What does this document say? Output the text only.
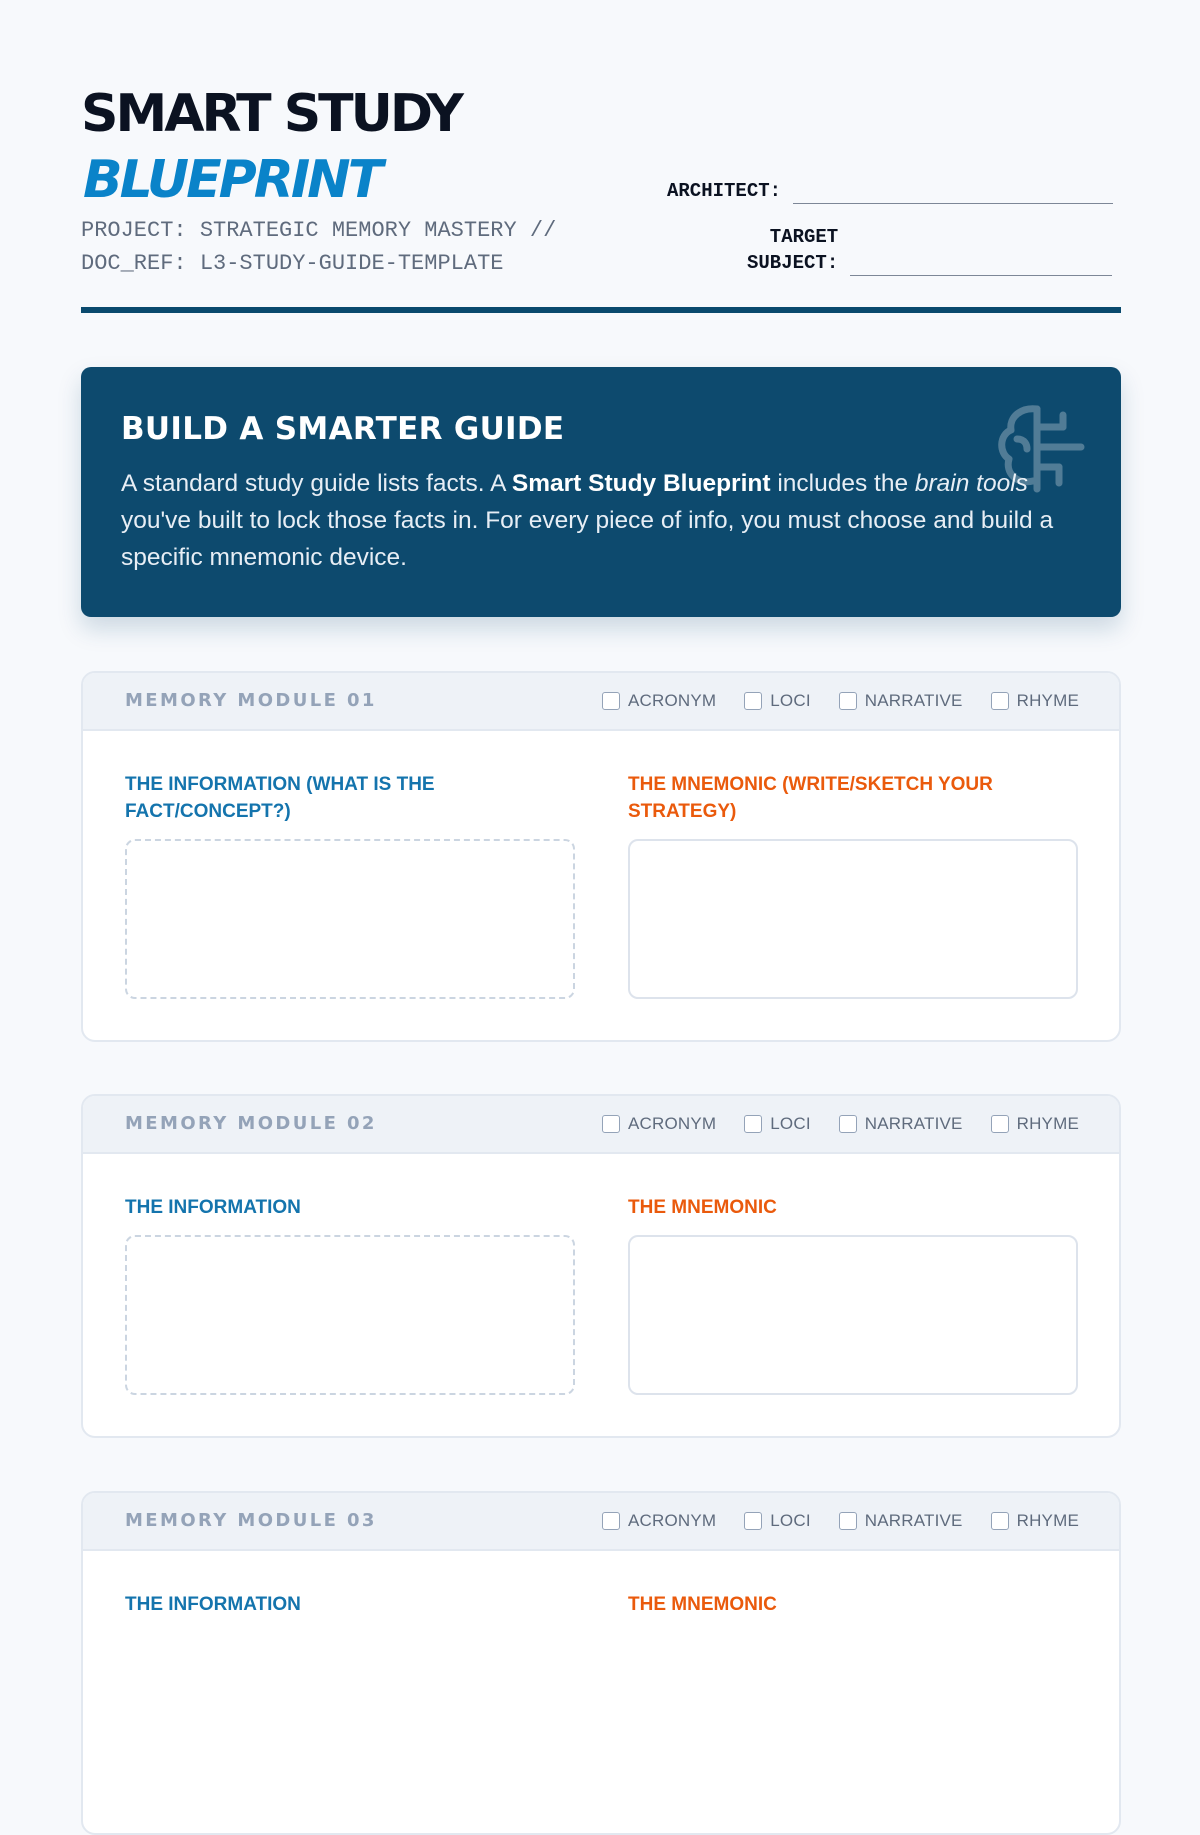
SMART STUDY
BLUEPRINT
PROJECT: STRATEGIC MEMORY MASTERY //
DOC_REF: L3-STUDY-GUIDE-TEMPLATE
ARCHITECT:
TARGET
SUBJECT:
BUILD A SMARTER GUIDE
A standard study guide lists facts. A Smart Study Blueprint includes the brain tools you've built to lock those facts in. For every piece of info, you must choose and build a specific mnemonic device.
MEMORY MODULE 01	ACRONYM	LOCI	NARRATIVE	RHYME
THE INFORMATION (WHAT IS THE FACT/CONCEPT?)
THE MNEMONIC (WRITE/SKETCH YOUR STRATEGY)
MEMORY MODULE 02	ACRONYM	LOCI	NARRATIVE	RHYME
THE INFORMATION	THE MNEMONIC
MEMORY MODULE 03	ACRONYM	LOCI	NARRATIVE	RHYME
THE INFORMATION	THE MNEMONIC
